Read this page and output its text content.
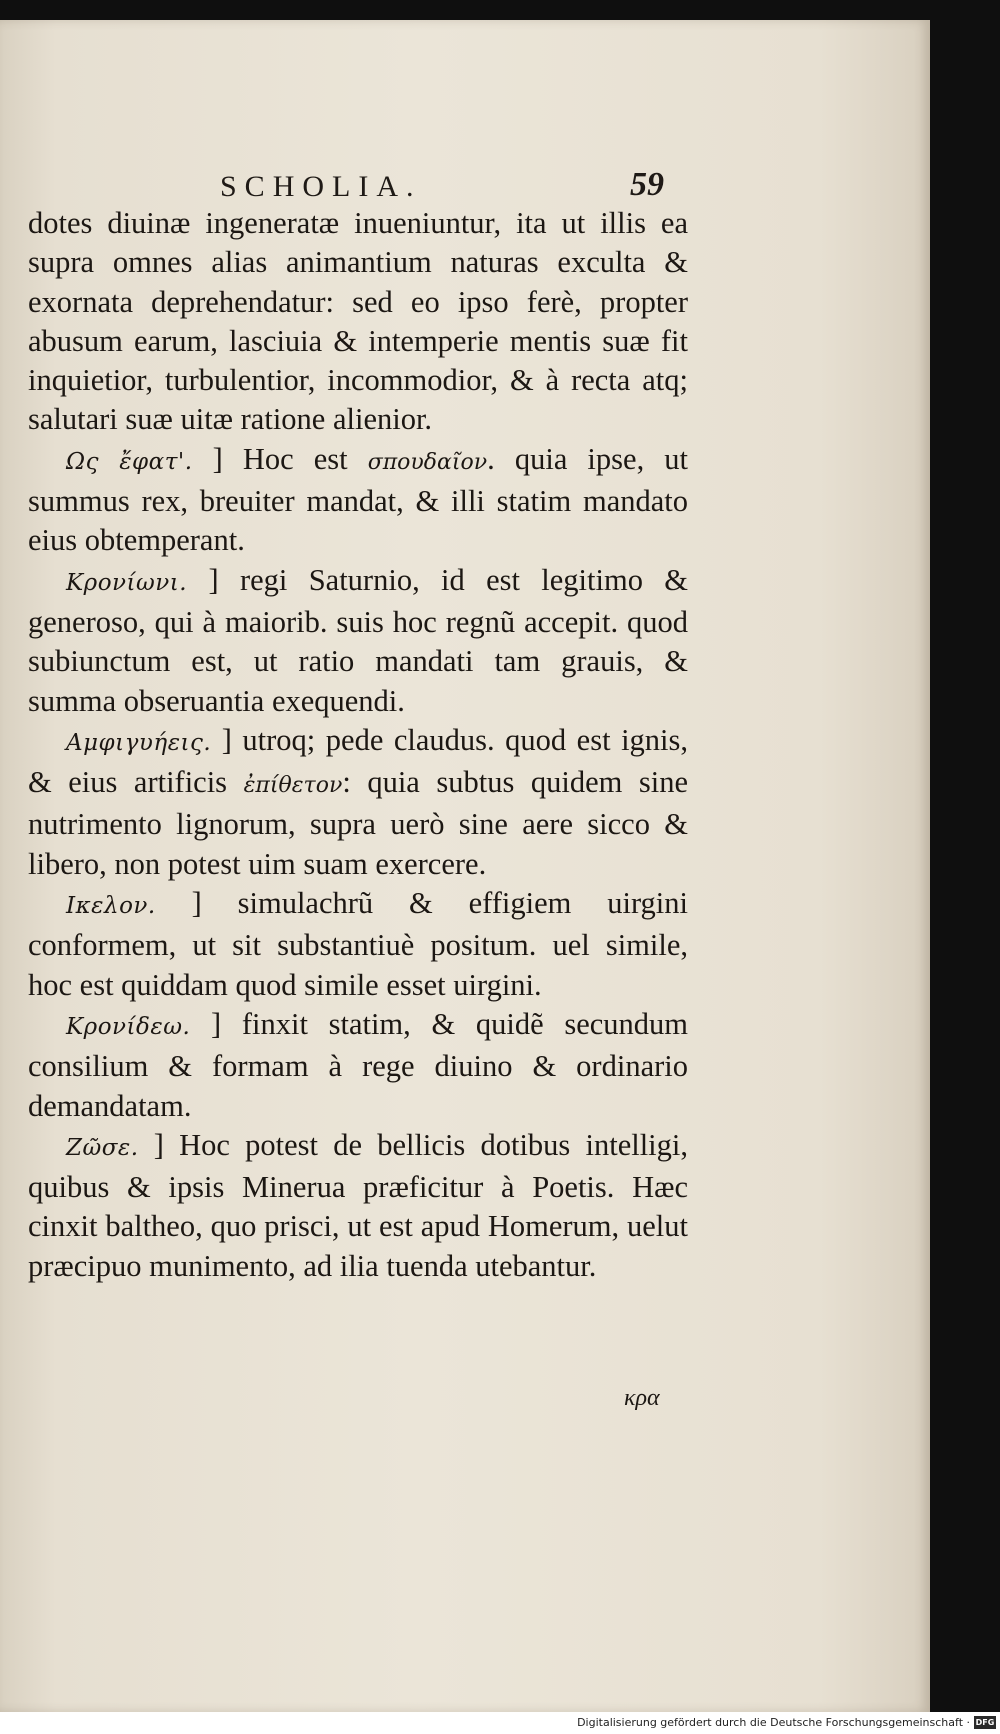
SCHOLIA.	59

dotes diuinæ ingeneratæ inueniuntur, ita ut illis ea supra omnes alias animantium naturas exculta & exornata deprehendatur: sed eo ipso ferè, propter abusum earum, lasciuia & intemperie mentis suæ fit inquietior, turbulentior, incommodior, & à recta atq; salutari suæ uitæ ratione alienior.

Ως ἔφατ'. ] Hoc est σπουδαῖον. quia ipse, ut summus rex, breuiter mandat, & illi statim mandato eius obtemperant.

Κρονίωνι. ] regi Saturnio, id est legitimo & generoso, qui à maiorib. suis hoc regnũ accepit. quod subiunctum est, ut ratio mandati tam grauis, & summa obseruantia exequendi.

Αμφιγυήεις. ] utroq; pede claudus. quod est ignis, & eius artificis ἐπίθετον: quia subtus quidem sine nutrimento lignorum, supra uerò sine aere sicco & libero, non potest uim suam exercere.

Ικελον. ] simulachrũ & effigiem uirgini conformem, ut sit substantiuè positum. uel simile, hoc est quiddam quod simile esset uirgini.

Κρονίδεω. ] finxit statim, & quidẽ secundum consilium & formam à rege diuino & ordinario demandatam.

Ζῶσε. ] Hoc potest de bellicis dotibus intelligi, quibus & ipsis Minerua præficitur à Poetis. Hæc cinxit baltheo, quo prisci, ut est apud Homerum, uelut præcipuo munimento, ad ilia tuenda utebantur.

κρα
Digitalisierung gefördert durch die Deutsche Forschungsgemeinschaft · DFG
